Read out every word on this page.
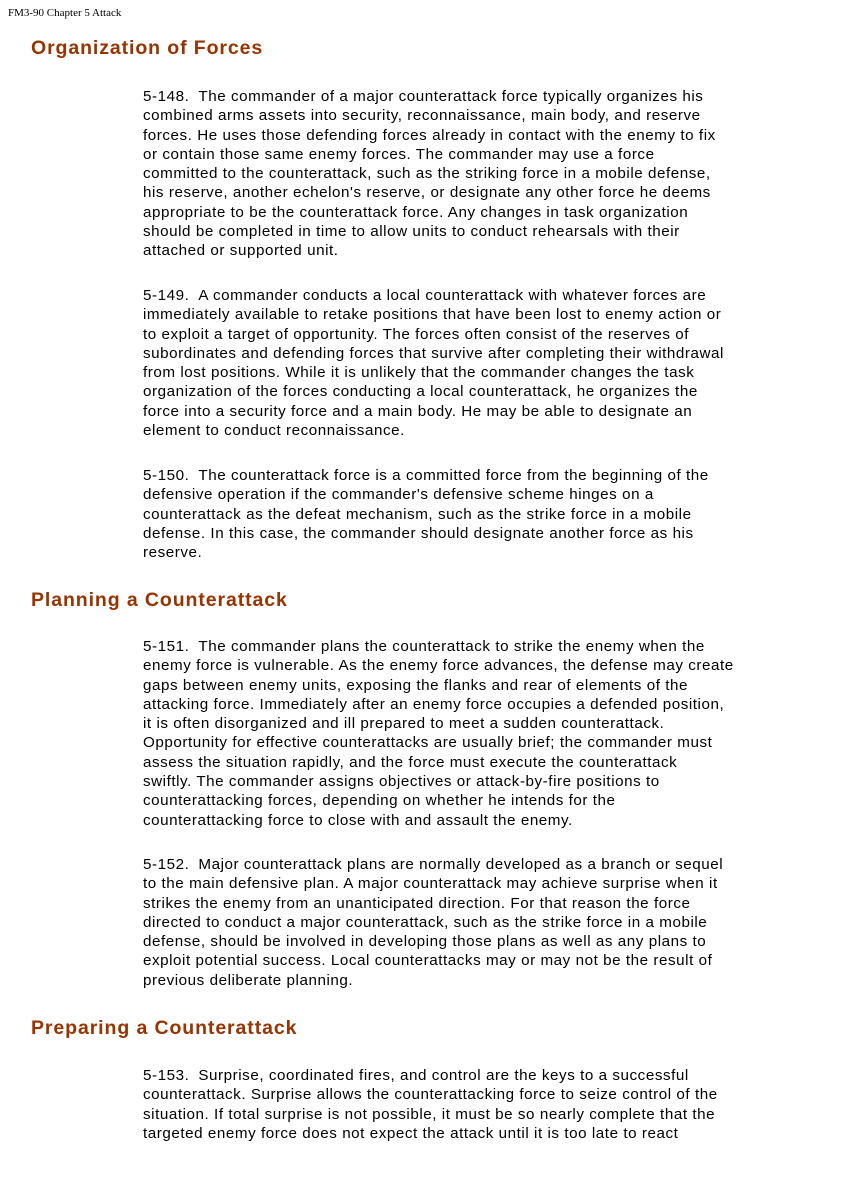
FM3-90 Chapter 5 Attack
Organization of Forces
5-148. The commander of a major counterattack force typically organizes his
combined arms assets into security, reconnaissance, main body, and reserve
forces. He uses those defending forces already in contact with the enemy to fix
or contain those same enemy forces. The commander may use a force
committed to the counterattack, such as the striking force in a mobile defense,
his reserve, another echelon's reserve, or designate any other force he deems
appropriate to be the counterattack force. Any changes in task organization
should be completed in time to allow units to conduct rehearsals with their
attached or supported unit.
5-149. A commander conducts a local counterattack with whatever forces are
immediately available to retake positions that have been lost to enemy action or
to exploit a target of opportunity. The forces often consist of the reserves of
subordinates and defending forces that survive after completing their withdrawal
from lost positions. While it is unlikely that the commander changes the task
organization of the forces conducting a local counterattack, he organizes the
force into a security force and a main body. He may be able to designate an
element to conduct reconnaissance.
5-150. The counterattack force is a committed force from the beginning of the
defensive operation if the commander's defensive scheme hinges on a
counterattack as the defeat mechanism, such as the strike force in a mobile
defense. In this case, the commander should designate another force as his
reserve.
Planning a Counterattack
5-151. The commander plans the counterattack to strike the enemy when the
enemy force is vulnerable. As the enemy force advances, the defense may create
gaps between enemy units, exposing the flanks and rear of elements of the
attacking force. Immediately after an enemy force occupies a defended position,
it is often disorganized and ill prepared to meet a sudden counterattack.
Opportunity for effective counterattacks are usually brief; the commander must
assess the situation rapidly, and the force must execute the counterattack
swiftly. The commander assigns objectives or attack-by-fire positions to
counterattacking forces, depending on whether he intends for the
counterattacking force to close with and assault the enemy.
5-152. Major counterattack plans are normally developed as a branch or sequel
to the main defensive plan. A major counterattack may achieve surprise when it
strikes the enemy from an unanticipated direction. For that reason the force
directed to conduct a major counterattack, such as the strike force in a mobile
defense, should be involved in developing those plans as well as any plans to
exploit potential success. Local counterattacks may or may not be the result of
previous deliberate planning.
Preparing a Counterattack
5-153. Surprise, coordinated fires, and control are the keys to a successful
counterattack. Surprise allows the counterattacking force to seize control of the
situation. If total surprise is not possible, it must be so nearly complete that the
targeted enemy force does not expect the attack until it is too late to react
